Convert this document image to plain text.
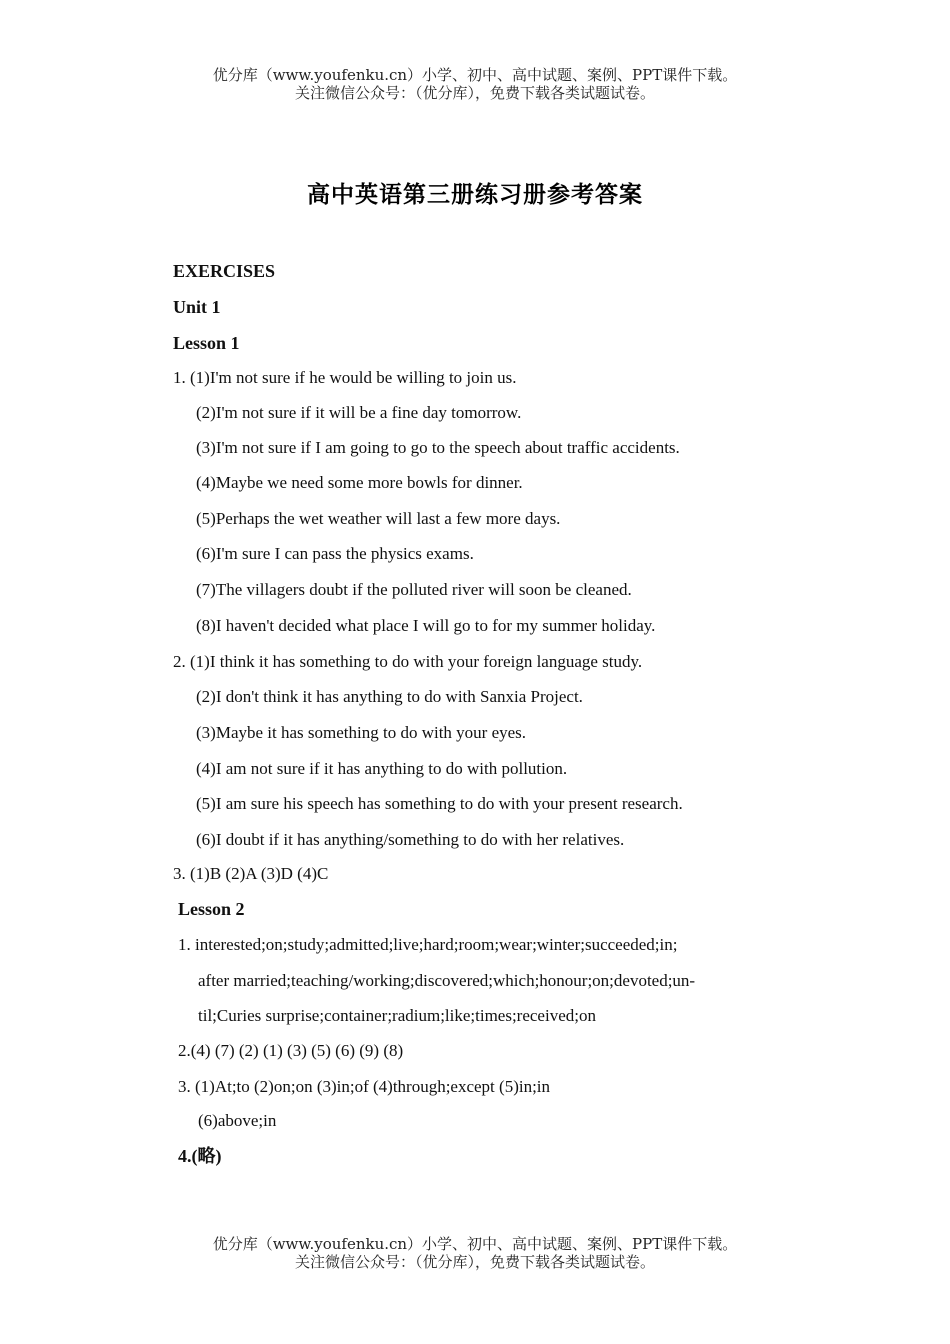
优分库（www.youfenku.cn）小学、初中、高中试题、案例、PPT课件下载。
关注微信公众号：（优分库），免费下载各类试题试卷。
高中英语第三册练习册参考答案
EXERCISES
Unit 1
Lesson 1
1. (1)I'm not sure if he would be willing to join us.
(2)I'm not sure if it will be a fine day tomorrow.
(3)I'm not sure if I am going to go to the speech about traffic accidents.
(4)Maybe we need some more bowls for dinner.
(5)Perhaps the wet weather will last a few more days.
(6)I'm sure I can pass the physics exams.
(7)The villagers doubt if the polluted river will soon be cleaned.
(8)I haven't decided what place I will go to for my summer holiday.
2. (1)I think it has something to do with your foreign language study.
(2)I don't think it has anything to do with Sanxia Project.
(3)Maybe it has something to do with your eyes.
(4)I am not sure if it has anything to do with pollution.
(5)I am sure his speech has something to do with your present research.
(6)I doubt if it has anything/something to do with her relatives.
3. (1)B (2)A (3)D (4)C
Lesson 2
1. interested;on;study;admitted;live;hard;room;wear;winter;succeeded;in;
after married;teaching/working;discovered;which;honour;on;devoted;un-
til;Curies surprise;container;radium;like;times;received;on
2.(4) (7) (2) (1) (3) (5) (6) (9) (8)
3. (1)At;to (2)on;on (3)in;of (4)through;except (5)in;in
(6)above;in
4.(略)
优分库（www.youfenku.cn）小学、初中、高中试题、案例、PPT课件下载。
关注微信公众号：（优分库），免费下载各类试题试卷。
